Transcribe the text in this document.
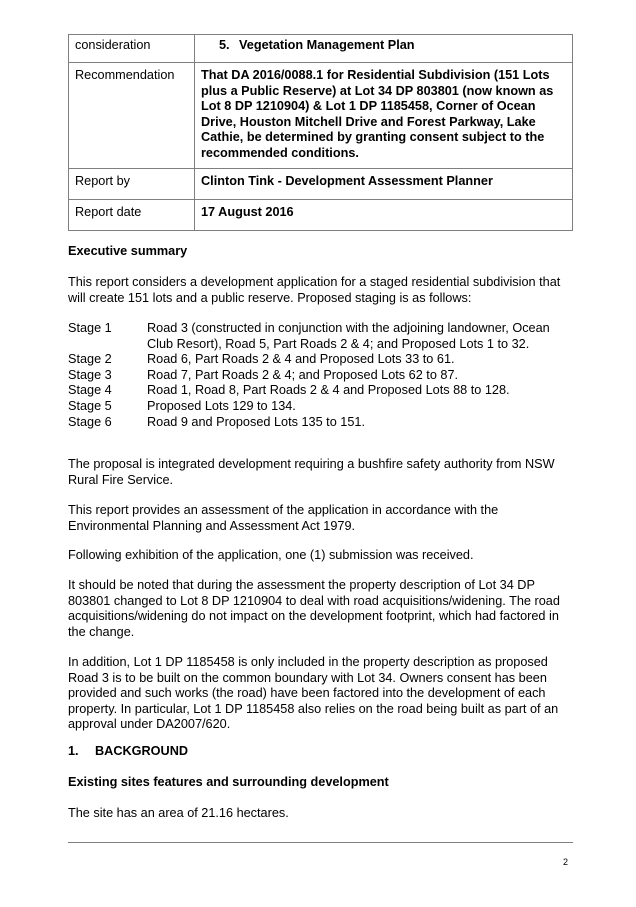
consideration	5. Vegetation Management Plan
Recommendation	That DA 2016/0088.1 for Residential Subdivision (151 Lots plus a Public Reserve) at Lot 34 DP 803801 (now known as Lot 8 DP 1210904) & Lot 1 DP 1185458, Corner of Ocean Drive, Houston Mitchell Drive and Forest Parkway, Lake Cathie, be determined by granting consent subject to the recommended conditions.
Report by	Clinton Tink - Development Assessment Planner
Report date	17 August 2016
Executive summary

This report considers a development application for a staged residential subdivision that will create 151 lots and a public reserve. Proposed staging is as follows:

Stage 1	Road 3 (constructed in conjunction with the adjoining landowner, Ocean Club Resort), Road 5, Part Roads 2 & 4; and Proposed Lots 1 to 32.
Stage 2	Road 6, Part Roads 2 & 4 and Proposed Lots 33 to 61.
Stage 3	Road 7, Part Roads 2 & 4; and Proposed Lots 62 to 87.
Stage 4	Road 1, Road 8, Part Roads 2 & 4 and Proposed Lots 88 to 128.
Stage 5	Proposed Lots 129 to 134.
Stage 6	Road 9 and Proposed Lots 135 to 151.

The proposal is integrated development requiring a bushfire safety authority from NSW Rural Fire Service.

This report provides an assessment of the application in accordance with the Environmental Planning and Assessment Act 1979.

Following exhibition of the application, one (1) submission was received.

It should be noted that during the assessment the property description of Lot 34 DP 803801 changed to Lot 8 DP 1210904 to deal with road acquisitions/widening. The road acquisitions/widening do not impact on the development footprint, which had factored in the change.

In addition, Lot 1 DP 1185458 is only included in the property description as proposed Road 3 is to be built on the common boundary with Lot 34. Owners consent has been provided and such works (the road) have been factored into the development of each property. In particular, Lot 1 DP 1185458 also relies on the road being built as part of an approval under DA2007/620.

1. BACKGROUND
Existing sites features and surrounding development

The site has an area of 21.16 hectares.

2
